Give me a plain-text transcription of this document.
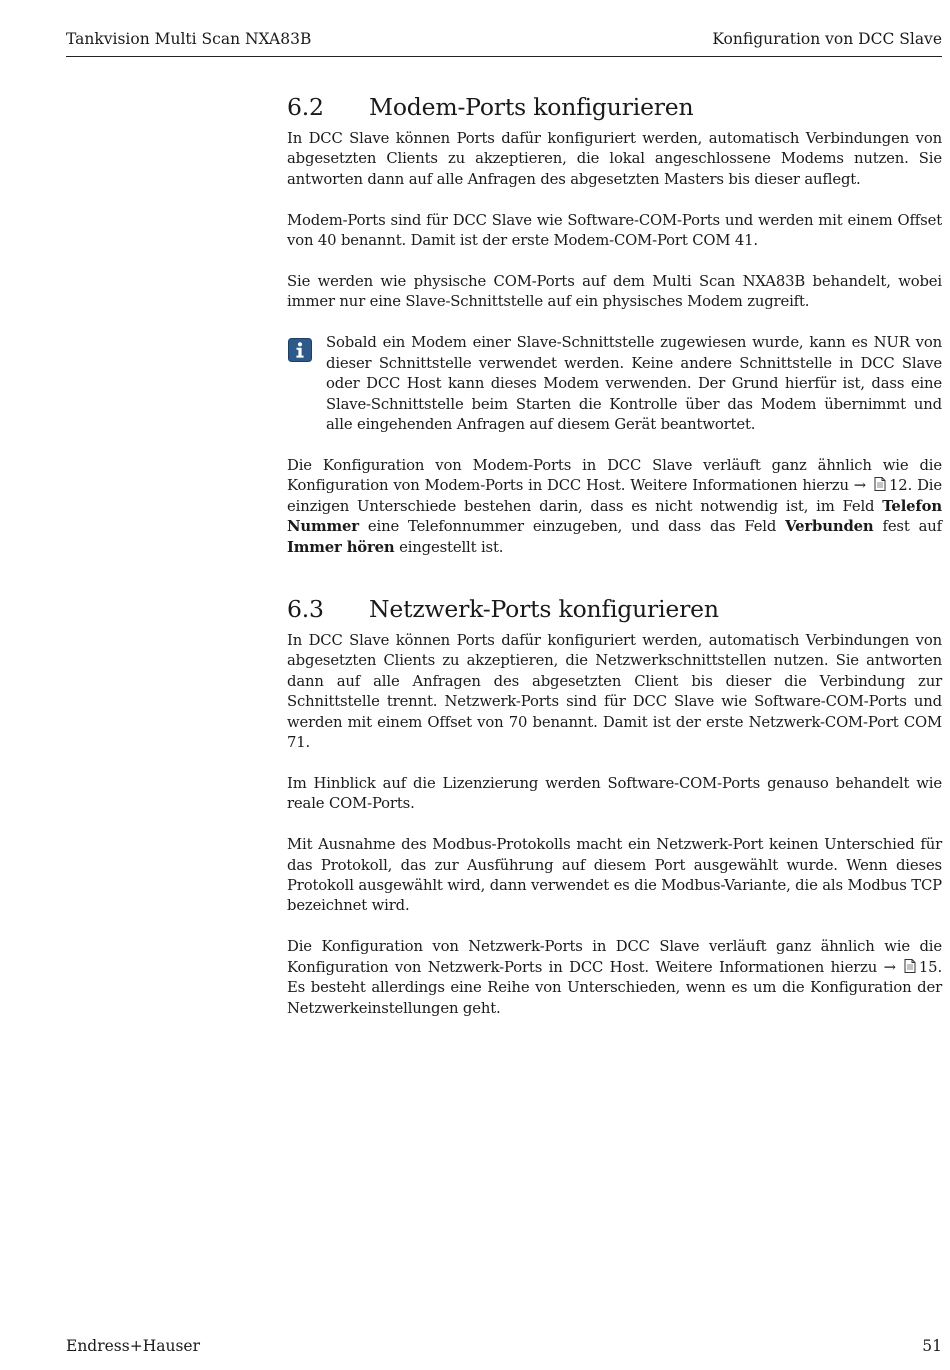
Tankvision Multi Scan NXA83B	Konfiguration von DCC Slave
6.2 Modem-Ports konfigurieren

In DCC Slave können Ports dafür konfiguriert werden, automatisch Verbindungen von abgesetzten Clients zu akzeptieren, die lokal angeschlossene Modems nutzen. Sie antworten dann auf alle Anfragen des abgesetzten Masters bis dieser auflegt.

Modem-Ports sind für DCC Slave wie Software-COM-Ports und werden mit einem Offset von 40 benannt. Damit ist der erste Modem-COM-Port COM 41.

Sie werden wie physische COM-Ports auf dem Multi Scan NXA83B behandelt, wobei immer nur eine Slave-Schnittstelle auf ein physisches Modem zugreift.

Sobald ein Modem einer Slave-Schnittstelle zugewiesen wurde, kann es NUR von dieser Schnittstelle verwendet werden. Keine andere Schnittstelle in DCC Slave oder DCC Host kann dieses Modem verwenden. Der Grund hierfür ist, dass eine Slave-Schnittstelle beim Starten die Kontrolle über das Modem übernimmt und alle eingehenden Anfragen auf diesem Gerät beantwortet.

Die Konfiguration von Modem-Ports in DCC Slave verläuft ganz ähnlich wie die Konfiguration von Modem-Ports in DCC Host. Weitere Informationen hierzu → 12. Die einzigen Unterschiede bestehen darin, dass es nicht notwendig ist, im Feld Telefon Nummer eine Telefonnummer einzugeben, und dass das Feld Verbunden fest auf Immer hören eingestellt ist.

6.3 Netzwerk-Ports konfigurieren

In DCC Slave können Ports dafür konfiguriert werden, automatisch Verbindungen von abgesetzten Clients zu akzeptieren, die Netzwerkschnittstellen nutzen. Sie antworten dann auf alle Anfragen des abgesetzten Client bis dieser die Verbindung zur Schnittstelle trennt. Netzwerk-Ports sind für DCC Slave wie Software-COM-Ports und werden mit einem Offset von 70 benannt. Damit ist der erste Netzwerk-COM-Port COM 71.

Im Hinblick auf die Lizenzierung werden Software-COM-Ports genauso behandelt wie reale COM-Ports.

Mit Ausnahme des Modbus-Protokolls macht ein Netzwerk-Port keinen Unterschied für das Protokoll, das zur Ausführung auf diesem Port ausgewählt wurde. Wenn dieses Protokoll ausgewählt wird, dann verwendet es die Modbus-Variante, die als Modbus TCP bezeichnet wird.

Die Konfiguration von Netzwerk-Ports in DCC Slave verläuft ganz ähnlich wie die Konfiguration von Netzwerk-Ports in DCC Host. Weitere Informationen hierzu → 15. Es besteht allerdings eine Reihe von Unterschieden, wenn es um die Konfiguration der Netzwerkeinstellungen geht.

Endress+Hauser	51
